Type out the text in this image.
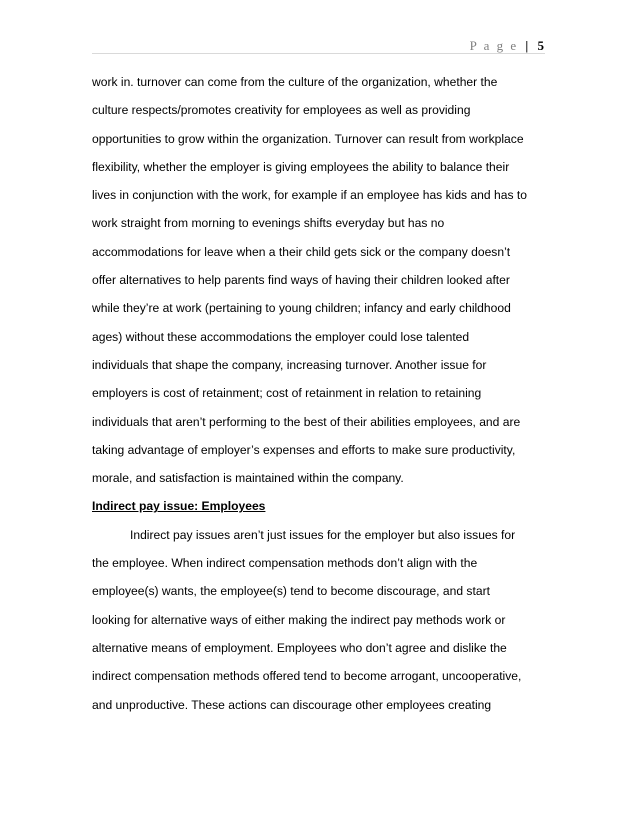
P a g e | 5

work in. turnover can come from the culture of the organization, whether the

culture respects/promotes creativity for employees as well as providing

opportunities to grow within the organization. Turnover can result from workplace

flexibility, whether the employer is giving employees the ability to balance their

lives in conjunction with the work, for example if an employee has kids and has to

work straight from morning to evenings shifts everyday but has no

accommodations for leave when a their child gets sick or the company doesn’t

offer alternatives to help parents find ways of having their children looked after

while they’re at work (pertaining to young children; infancy and early childhood

ages) without these accommodations the employer could lose talented

individuals that shape the company, increasing turnover. Another issue for

employers is cost of retainment; cost of retainment in relation to retaining

individuals that aren’t performing to the best of their abilities employees, and are

taking advantage of employer’s expenses and efforts to make sure productivity,

morale, and satisfaction is maintained within the company.

Indirect pay issue: Employees

Indirect pay issues aren’t just issues for the employer but also issues for

the employee. When indirect compensation methods don’t align with the

employee(s) wants, the employee(s) tend to become discourage, and start

looking for alternative ways of either making the indirect pay methods work or

alternative means of employment. Employees who don’t agree and dislike the

indirect compensation methods offered tend to become arrogant, uncooperative,

and unproductive. These actions can discourage other employees creating
